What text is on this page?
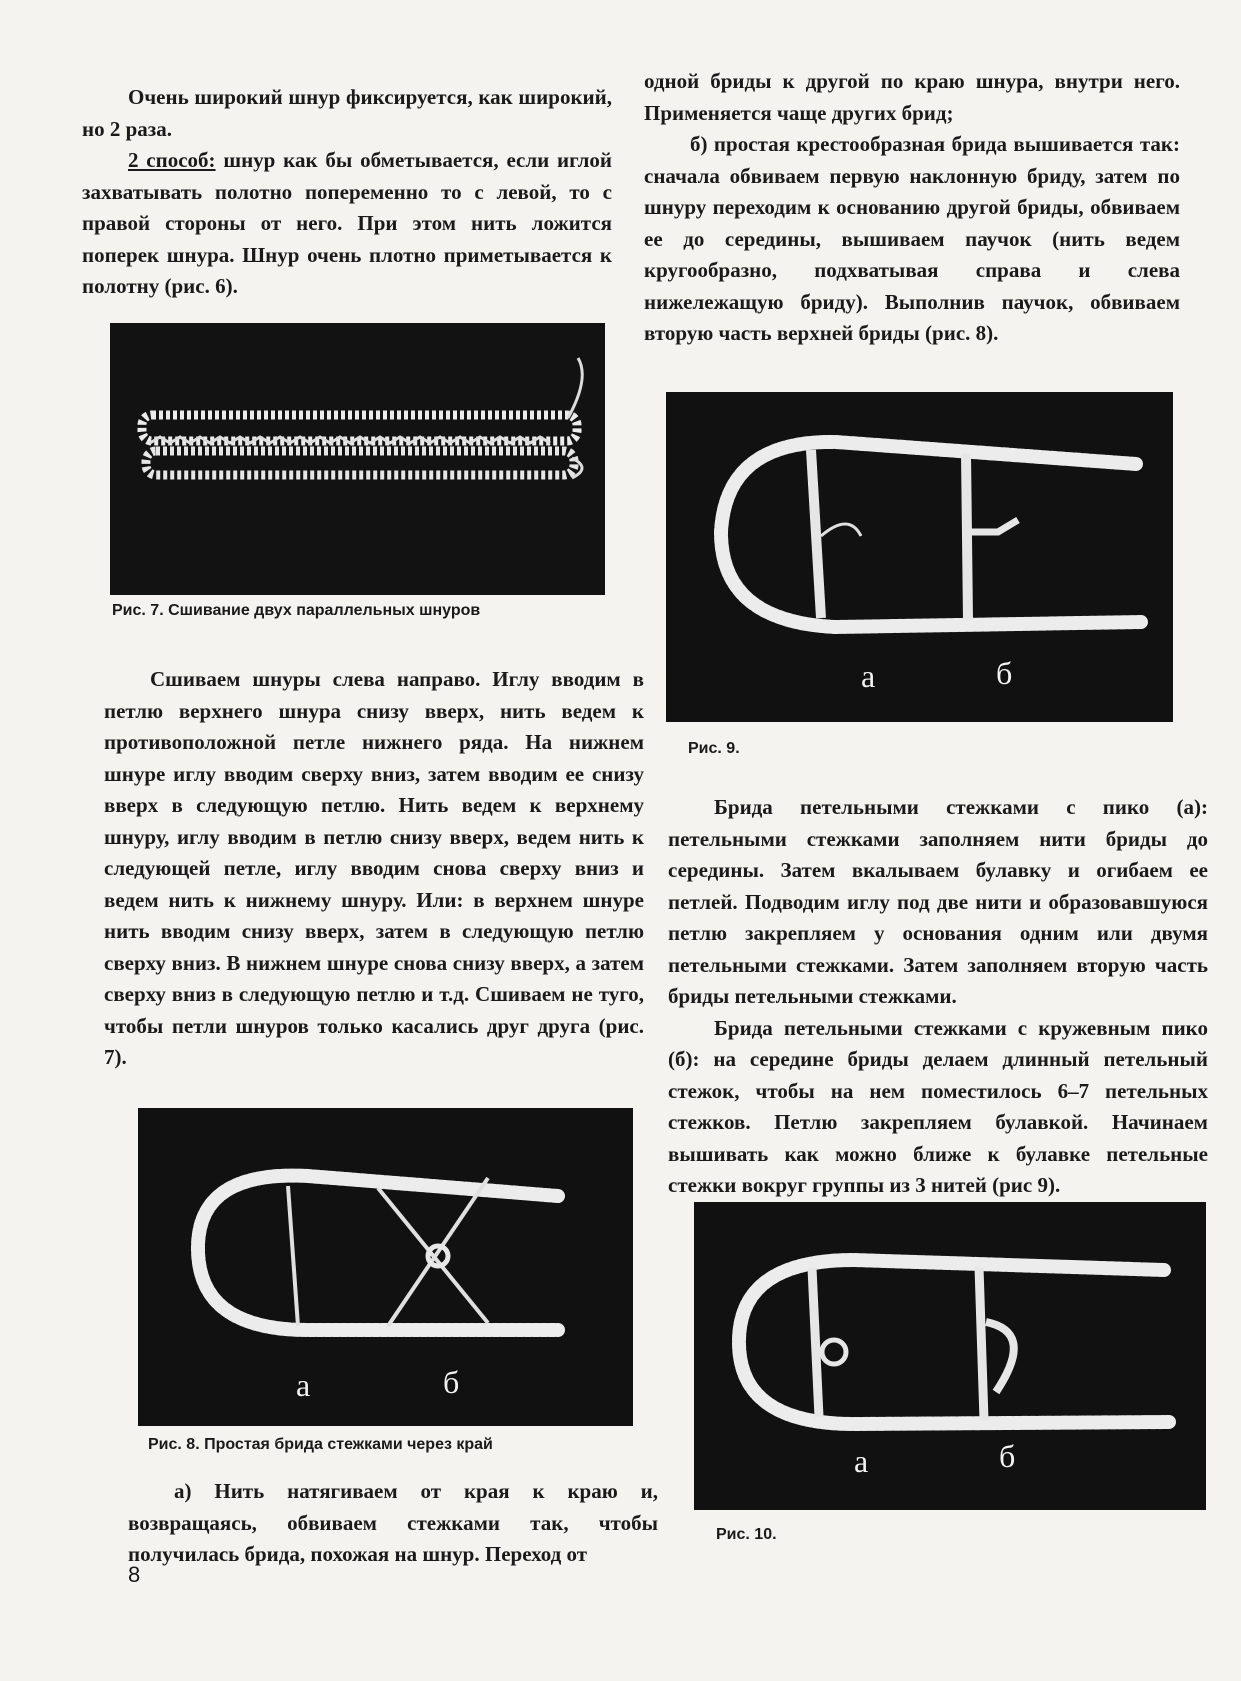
Очень широкий шнур фиксируется, как широкий, но 2 раза.

2 способ: шнур как бы обметывается, если иглой захватывать полотно попеременно то с левой, то с правой стороны от него. При этом нить ложится поперек шнура. Шнур очень плотно приметывается к полотну (рис. 6).

Рис. 7. Сшивание двух параллельных шнуров

Сшиваем шнуры слева направо. Иглу вводим в петлю верхнего шнура снизу вверх, нить ведем к противоположной петле нижнего ряда. На нижнем шнуре иглу вводим сверху вниз, затем вводим ее снизу вверх в следующую петлю. Нить ведем к верхнему шнуру, иглу вводим в петлю снизу вверх, ведем нить к следующей петле, иглу вводим снова сверху вниз и ведем нить к нижнему шнуру. Или: в верхнем шнуре нить вводим снизу вверх, затем в следующую петлю сверху вниз. В нижнем шнуре снова снизу вверх, а затем сверху вниз в следующую петлю и т.д. Сшиваем не туго, чтобы петли шнуров только касались друг друга (рис. 7).

а	б
Рис. 8. Простая брида стежками через край

а) Нить натягиваем от края к краю и, возвращаясь, обвиваем стежками так, чтобы получилась брида, похожая на шнур. Переход от

одной бриды к другой по краю шнура, внутри него. Применяется чаще других брид;

б) простая крестообразная брида вышивается так: сначала обвиваем первую наклонную бриду, затем по шнуру переходим к основанию другой бриды, обвиваем ее до середины, вышиваем паучок (нить ведем кругообразно, подхватывая справа и слева нижележащую бриду). Выполнив паучок, обвиваем вторую часть верхней бриды (рис. 8).

а	б
Рис. 9.

Брида петельными стежками с пико (а): петельными стежками заполняем нити бриды до середины. Затем вкалываем булавку и огибаем ее петлей. Подводим иглу под две нити и образовавшуюся петлю закрепляем у основания одним или двумя петельными стежками. Затем заполняем вторую часть бриды петельными стежками.

Брида петельными стежками с кружевным пико (б): на середине бриды делаем длинный петельный стежок, чтобы на нем поместилось 6–7 петельных стежков. Петлю закрепляем булавкой. Начинаем вышивать как можно ближе к булавке петельные стежки вокруг группы из 3 нитей (рис 9).

а	б
Рис. 10.
8
